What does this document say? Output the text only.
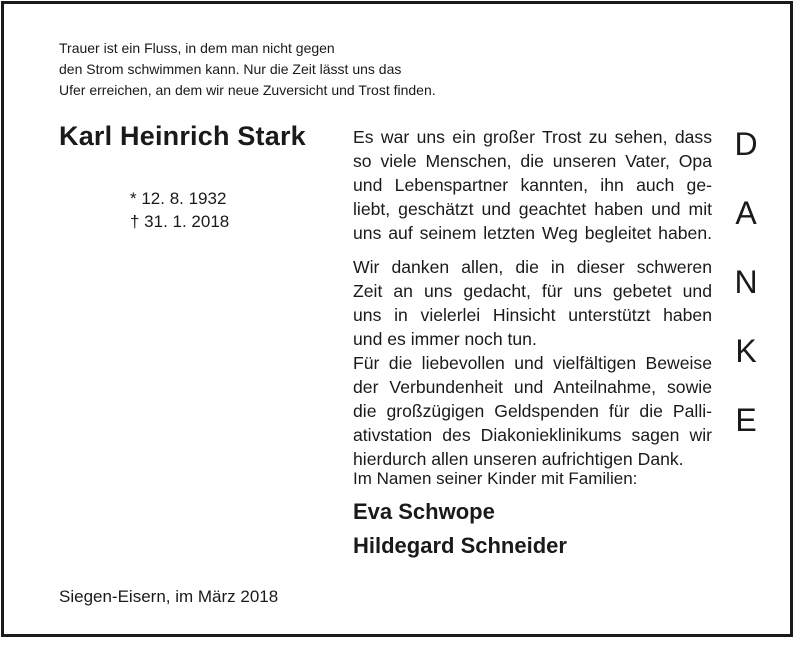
Trauer ist ein Fluss, in dem man nicht gegen
den Strom schwimmen kann. Nur die Zeit lässt uns das
Ufer erreichen, an dem wir neue Zuversicht und Trost finden.

Karl Heinrich Stark

* 12. 8. 1932
† 31. 1. 2018

Es war uns ein großer Trost zu sehen, dass
so viele Menschen, die unseren Vater, Opa
und Lebenspartner kannten, ihn auch ge-
liebt, geschätzt und geachtet haben und mit
uns auf seinem letzten Weg begleitet haben.

Wir danken allen, die in dieser schweren
Zeit an uns gedacht, für uns gebetet und
uns in vielerlei Hinsicht unterstützt haben
und es immer noch tun.

Für die liebevollen und vielfältigen Beweise
der Verbundenheit und Anteilnahme, sowie
die großzügigen Geldspenden für die Palli-
ativstation des Diakonieklinikums sagen wir
hierdurch allen unseren aufrichtigen Dank.

D
A
N
K
E

Im Namen seiner Kinder mit Familien:

Eva Schwope

Hildegard Schneider

Siegen-Eisern, im März 2018
